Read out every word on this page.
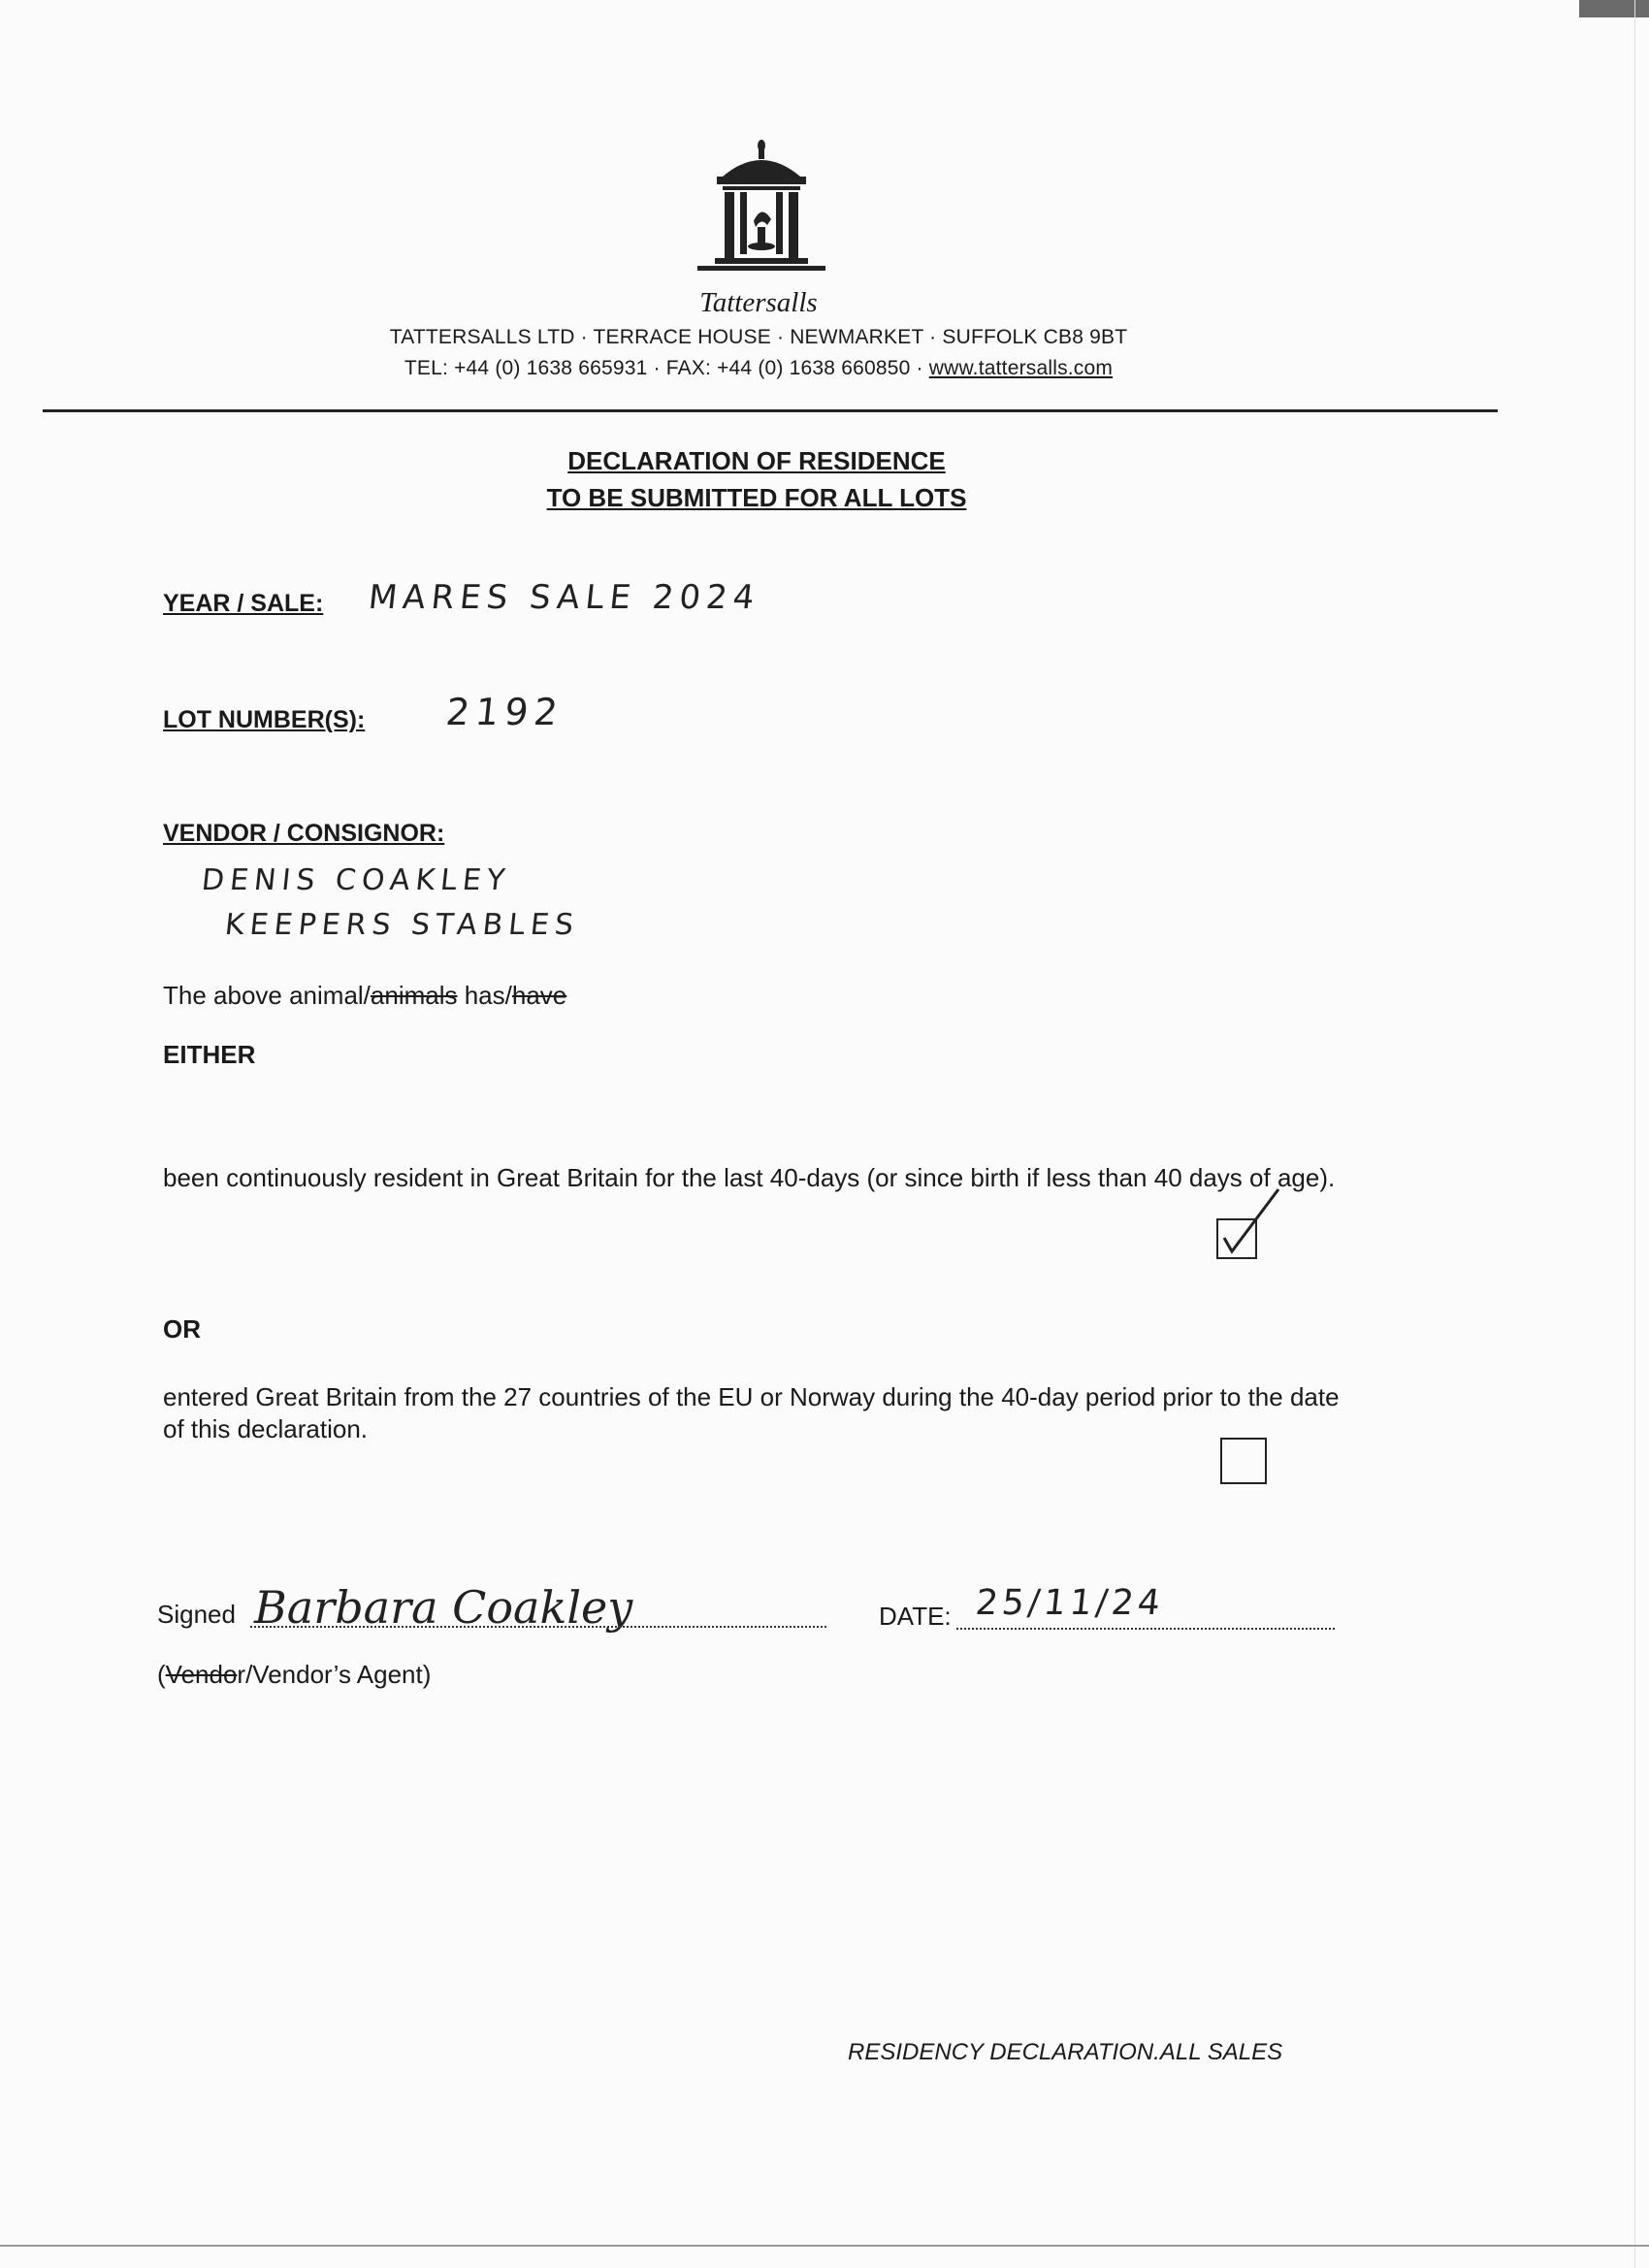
Tattersalls
TATTERSALLS LTD · TERRACE HOUSE · NEWMARKET · SUFFOLK CB8 9BT
TEL: +44 (0) 1638 665931 · FAX: +44 (0) 1638 660850 · www.tattersalls.com
DECLARATION OF RESIDENCE
TO BE SUBMITTED FOR ALL LOTS
YEAR / SALE: MARES SALE 2024
LOT NUMBER(S): 2192
VENDOR / CONSIGNOR:
DENIS COAKLEY
KEEPERS STABLES
The above animal/animals has/have
EITHER
been continuously resident in Great Britain for the last 40-days (or since birth if less than 40 days of age).
OR
entered Great Britain from the 27 countries of the EU or Norway during the 40-day period prior to the date of this declaration.
Signed Barbara Coakley	DATE: 25/11/24
(Vendor/Vendor’s Agent)
RESIDENCY DECLARATION.ALL SALES
